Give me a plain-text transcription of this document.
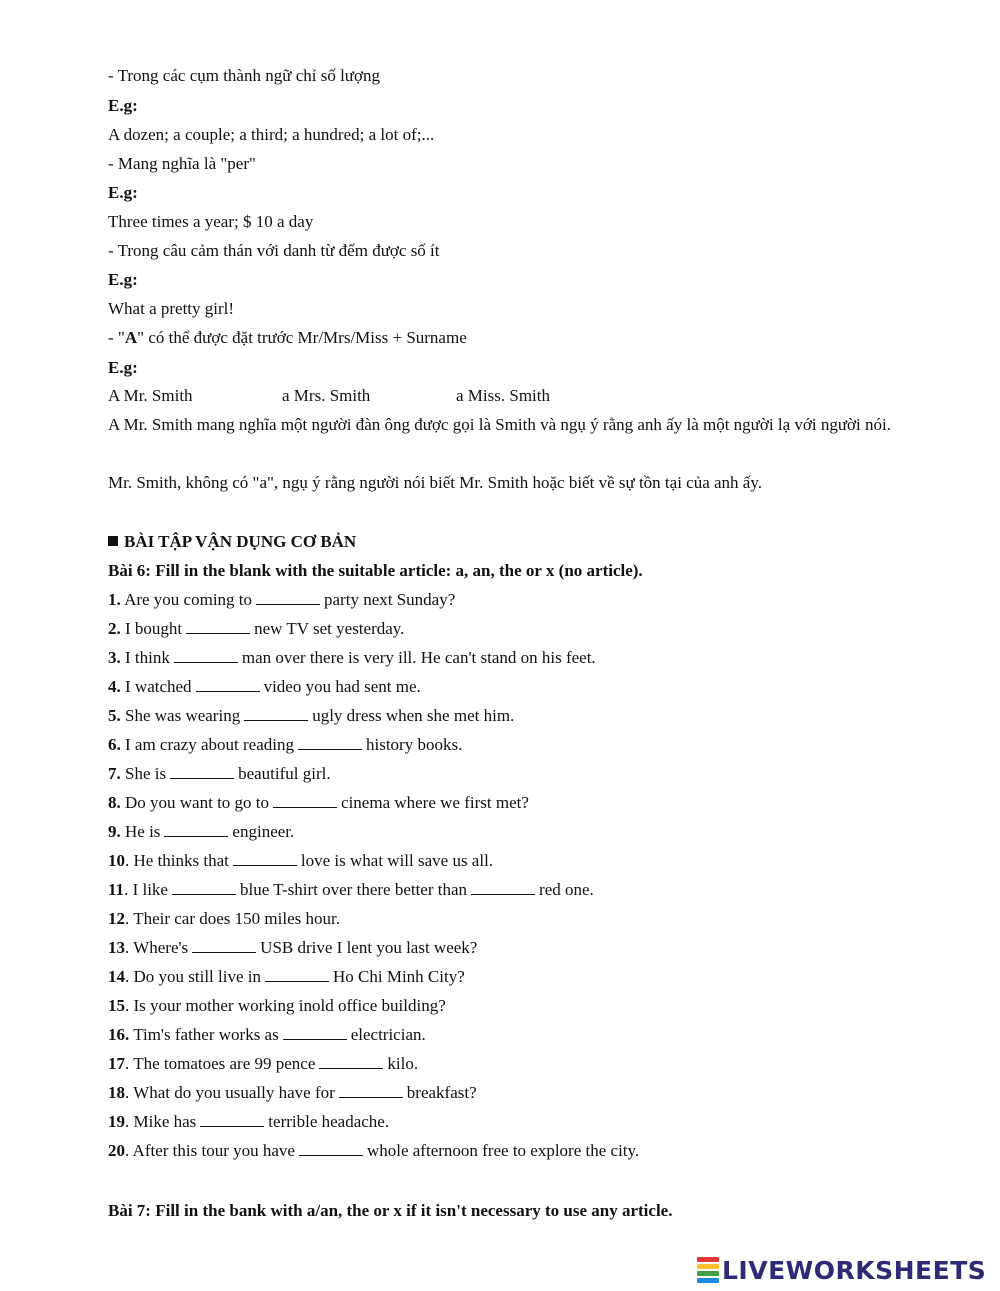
- Trong các cụm thành ngữ chỉ số lượng
E.g:
A dozen; a couple; a third; a hundred; a lot of;...
- Mang nghĩa là "per"
E.g:
Three times a year; $ 10 a day
- Trong câu cảm thán với danh từ đếm được số ít
E.g:
What a pretty girl!
- "A" có thể được đặt trước Mr/Mrs/Miss + Surname
E.g:
A Mr. Smith	a Mrs. Smith	a Miss. Smith
A Mr. Smith mang nghĩa một người đàn ông được gọi là Smith và ngụ ý rằng anh ấy là một người lạ với người nói.
Mr. Smith, không có "a", ngụ ý rằng người nói biết Mr. Smith hoặc biết về sự tồn tại của anh ấy.
BÀI TẬP VẬN DỤNG CƠ BẢN
Bài 6: Fill in the blank with the suitable article: a, an, the or x (no article).
1. Are you coming to	party next Sunday?
2. I bought	new TV set yesterday.
3. I think	man over there is very ill. He can't stand on his feet.
4. I watched	video you had sent me.
5. She was wearing	ugly dress when she met him.
6. I am crazy about reading	history books.
7. She is	beautiful girl.
8. Do you want to go to	cinema where we first met?
9. He is	engineer.
10. He thinks that	love is what will save us all.
11. I like	blue T-shirt over there better than	red one.
12. Their car does 150 miles hour.
13. Where's	USB drive I lent you last week?
14. Do you still live in	Ho Chi Minh City?
15. Is your mother working inold office building?
16. Tim's father works as	electrician.
17. The tomatoes are 99 pence	kilo.
18. What do you usually have for	breakfast?
19. Mike has	terrible headache.
20. After this tour you have	whole afternoon free to explore the city.
Bài 7: Fill in the bank with a/an, the or x if it isn't necessary to use any article.
LIVEWORKSHEETS
